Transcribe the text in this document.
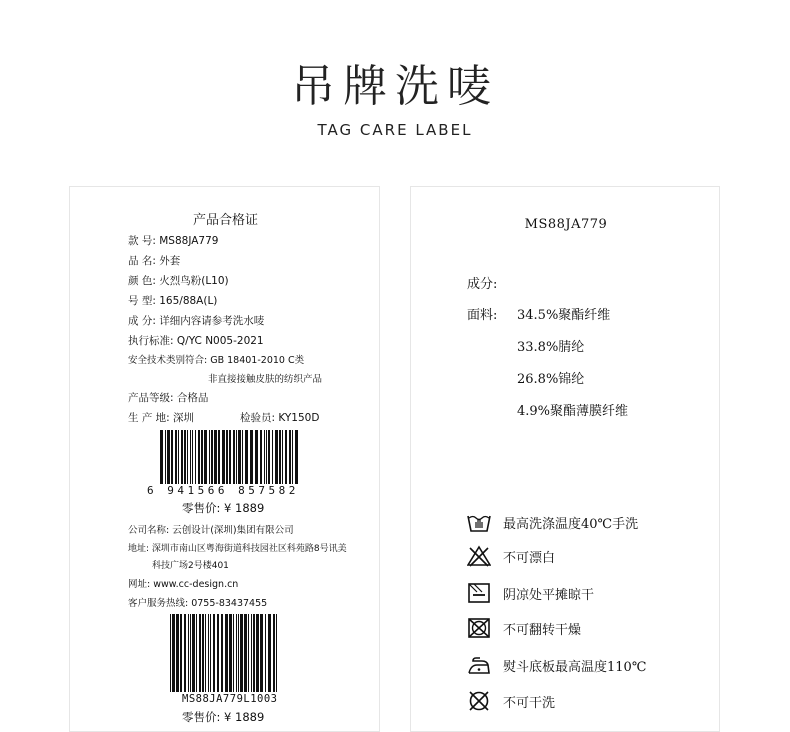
吊牌洗唛
TAG CARE LABEL
产品合格证
款 号: MS88JA779
品 名: 外套
颜 色: 火烈鸟粉(L10)
号 型: 165/88A(L)
成 分: 详细内容请参考洗水唛
执行标准: Q/YC N005-2021
安全技术类别符合: GB 18401-2010 C类
非直接接触皮肤的纺织产品
产品等级: 合格品
生 产 地: 深圳	检验员: KY150D
6 941566 857582
零售价: ¥ 1889
公司名称: 云创设计(深圳)集团有限公司
地址: 深圳市南山区粤海街道科技园社区科苑路8号讯美
科技广场2号楼401
网址: www.cc-design.cn
客户服务热线: 0755-83437455
MS88JA779L1003
零售价: ¥ 1889
MS88JA779
成分:
面料: 34.5%聚酯纤维
33.8%腈纶
26.8%锦纶
4.9%聚酯薄膜纤维
最高洗涤温度40℃手洗
不可漂白
阴凉处平摊晾干
不可翻转干燥
熨斗底板最高温度110℃
不可干洗
